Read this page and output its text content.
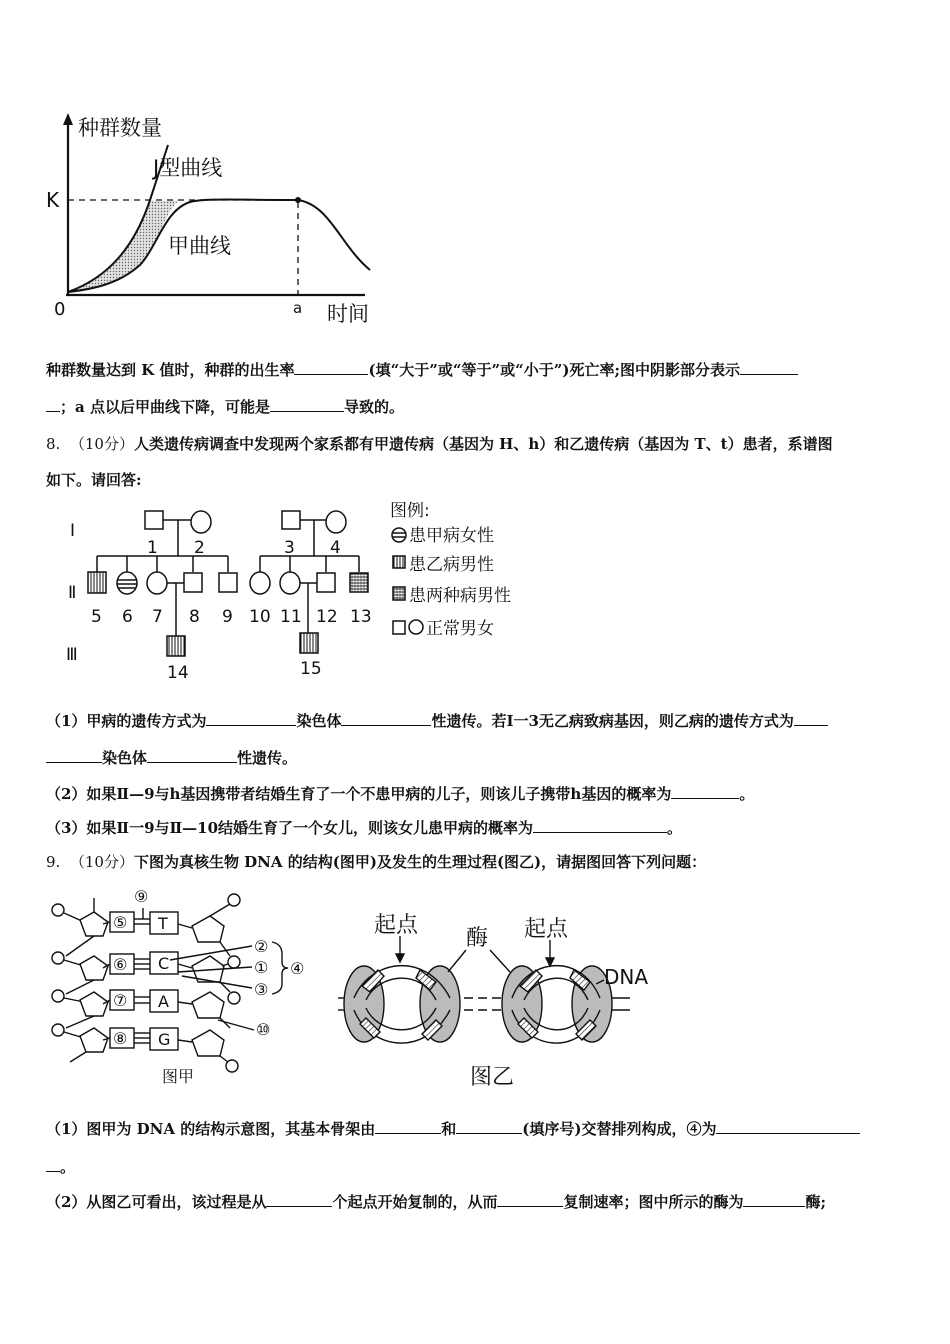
种群数量
J型曲线
甲曲线
K
0	a 时间
种群数量达到 K 值时，种群的出生率	(填“大于”或“等于”或“小于”)死亡率;图中阴影部分表示
；a 点以后甲曲线下降，可能是	导致的。
8. （10分）人类遗传病调查中发现两个家系都有甲遗传病（基因为 H、h）和乙遗传病（基因为 T、t）患者，系谱图
如下。请回答:
Ⅰ
Ⅱ
Ⅲ
1 2	3 4
5 6 7 8 9 10 11 12 13
14	15
图例:
患甲病女性
患乙病男性
患两种病男性
正常男女
（1）甲病的遗传方式为	染色体	性遗传。若Ⅰ一3无乙病致病基因，则乙病的遗传方式为
染色体	性遗传。
（2）如果Ⅱ—9与h基因携带者结婚生育了一个不患甲病的儿子，则该儿子携带h基因的概率为	。
（3）如果Ⅱ一9与Ⅱ—10结婚生育了一个女儿，则该女儿患甲病的概率为	。
9. （10分）下图为真核生物 DNA 的结构(图甲)及发生的生理过程(图乙)，请据图回答下列问题：
⑤
⑥
⑦
⑧
T
C
A
G
⑨
②
①
③
④
⑩
图甲
起点
酶 起点
DNA
图乙
（1）图甲为 DNA 的结构示意图，其基本骨架由	和	(填序号)交替排列构成，④为
。
（2）从图乙可看出，该过程是从	个起点开始复制的，从而	复制速率；图中所示的酶为	酶;
